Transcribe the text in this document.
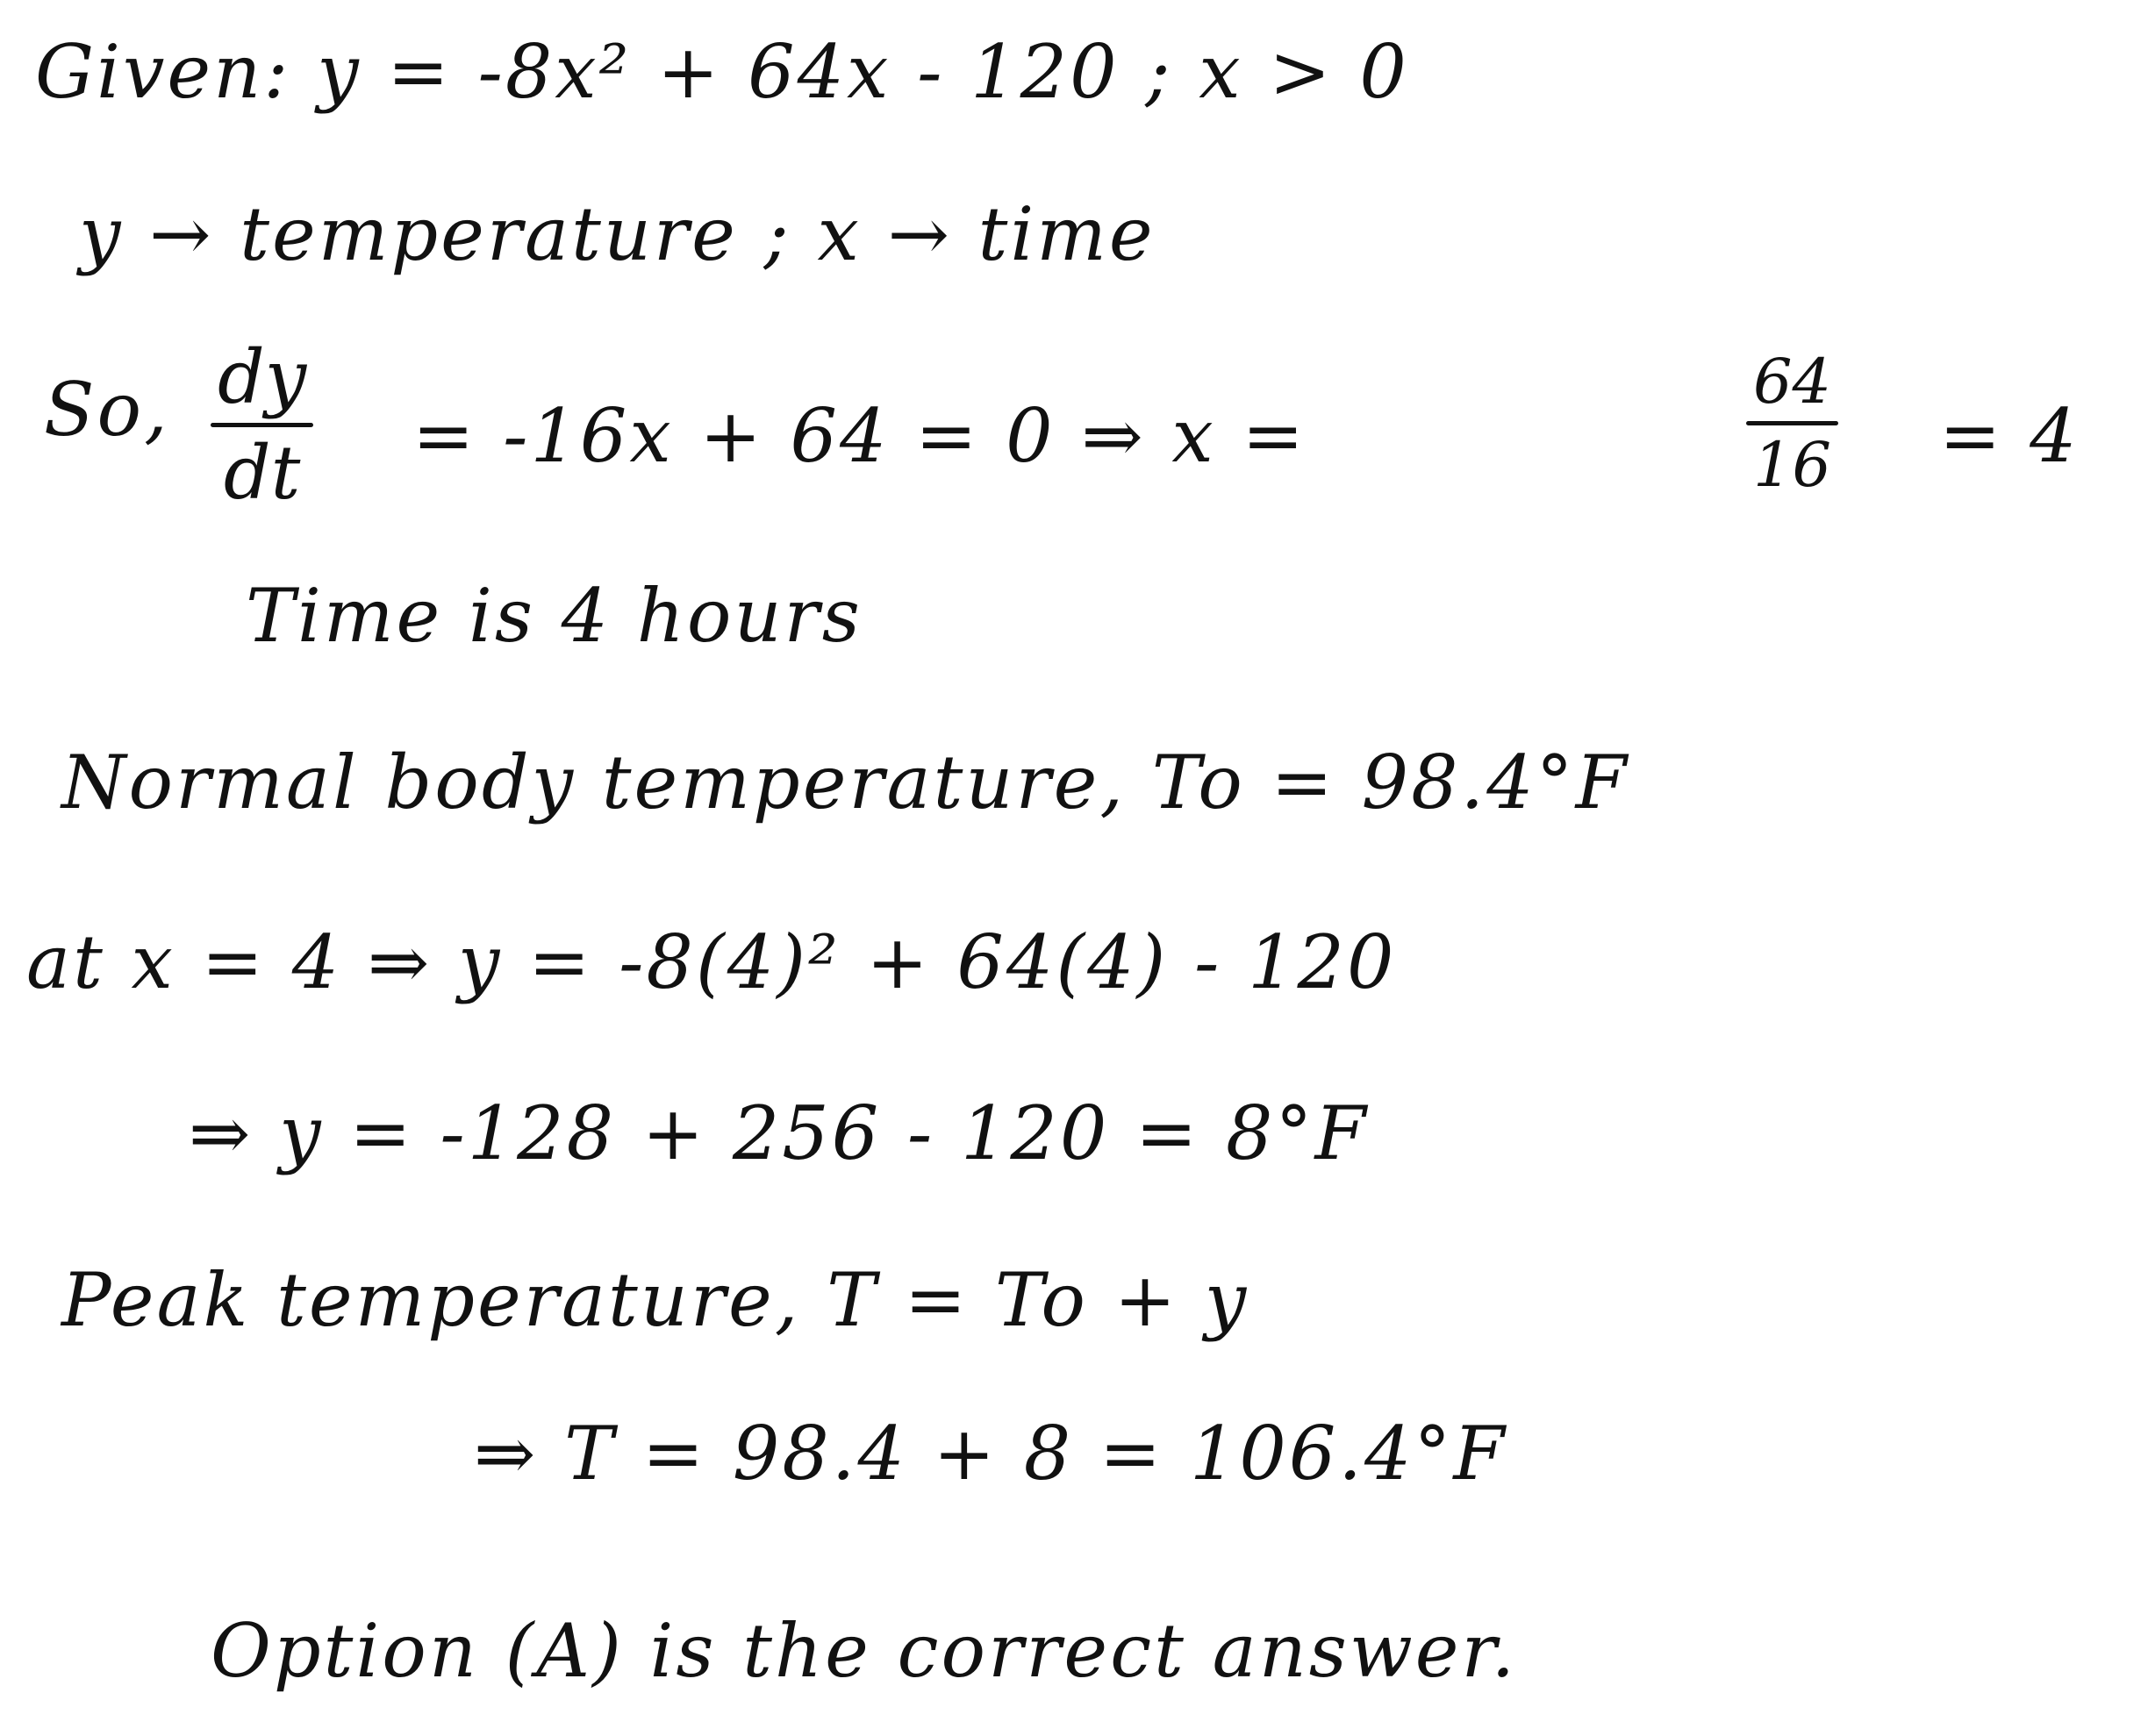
Given: y = -8x² + 64x - 120 ; x > 0
y → temperature ; x → time
So, dy
dt = -16x + 64 = 0 ⇒ x =
64
16 = 4
Time is 4 hours
Normal body temperature, To = 98.4°F
at x = 4 ⇒ y = -8(4)² + 64(4) - 120
⇒ y = -128 + 256 - 120 = 8°F
Peak temperature, T = To + y
⇒ T = 98.4 + 8 = 106.4°F
Option (A) is the correct answer.
